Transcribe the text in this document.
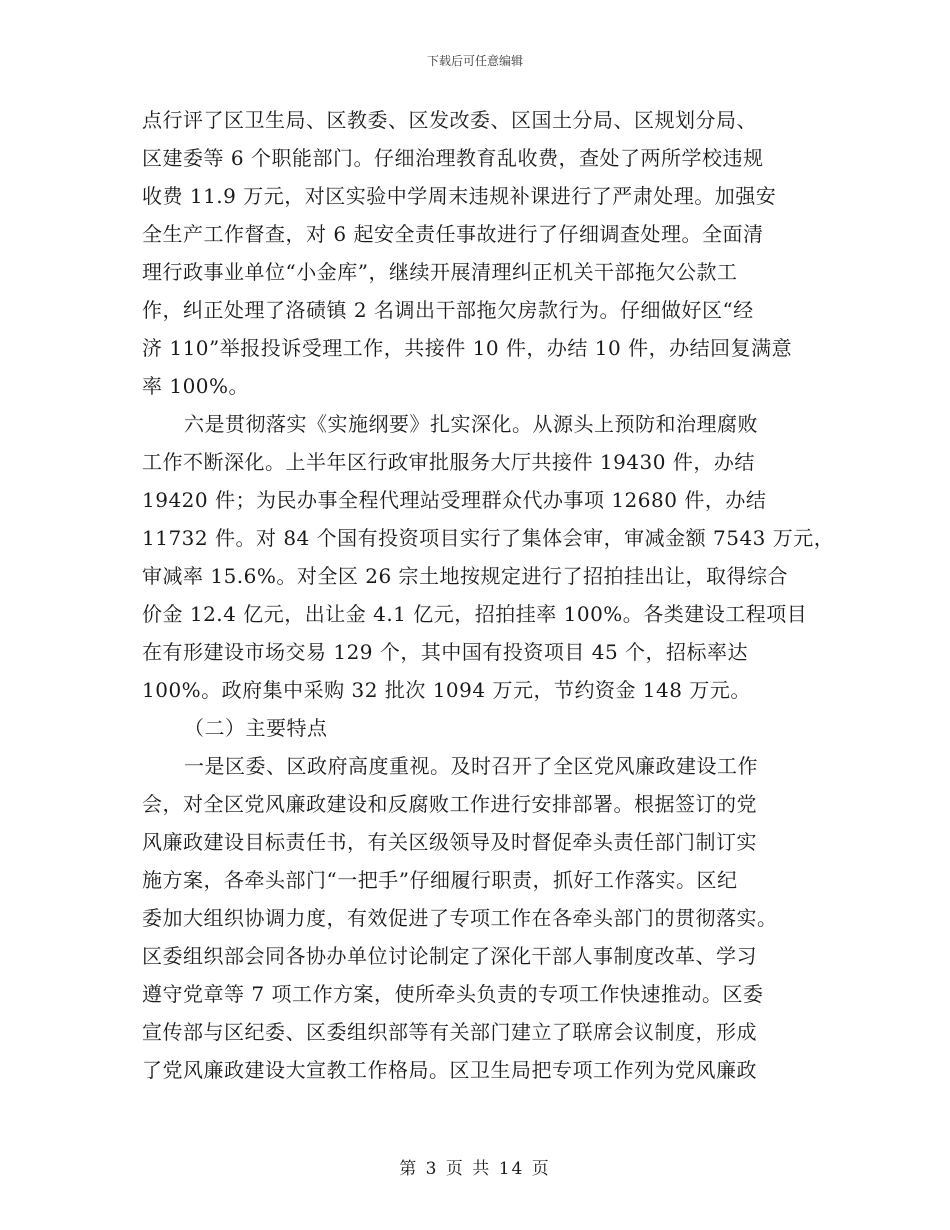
下载后可任意编辑
点行评了区卫生局、区教委、区发改委、区国土分局、区规划分局、
区建委等 6 个职能部门。仔细治理教育乱收费，查处了两所学校违规
收费 11.9 万元，对区实验中学周末违规补课进行了严肃处理。加强安
全生产工作督查，对 6 起安全责任事故进行了仔细调查处理。全面清
理行政事业单位“小金库”，继续开展清理纠正机关干部拖欠公款工
作，纠正处理了洛碛镇 2 名调出干部拖欠房款行为。仔细做好区“经
济 110”举报投诉受理工作，共接件 10 件，办结 10 件，办结回复满意
率 100%。
六是贯彻落实《实施纲要》扎实深化。从源头上预防和治理腐败
工作不断深化。上半年区行政审批服务大厅共接件 19430 件，办结
19420 件；为民办事全程代理站受理群众代办事项 12680 件，办结
11732 件。对 84 个国有投资项目实行了集体会审，审减金额 7543 万元，
审减率 15.6%。对全区 26 宗土地按规定进行了招拍挂出让，取得综合
价金 12.4 亿元，出让金 4.1 亿元，招拍挂率 100%。各类建设工程项目
在有形建设市场交易 129 个，其中国有投资项目 45 个，招标率达
100%。政府集中采购 32 批次 1094 万元，节约资金 148 万元。
（二）主要特点
一是区委、区政府高度重视。及时召开了全区党风廉政建设工作
会，对全区党风廉政建设和反腐败工作进行安排部署。根据签订的党
风廉政建设目标责任书，有关区级领导及时督促牵头责任部门制订实
施方案，各牵头部门“一把手”仔细履行职责，抓好工作落实。区纪
委加大组织协调力度，有效促进了专项工作在各牵头部门的贯彻落实。
区委组织部会同各协办单位讨论制定了深化干部人事制度改革、学习
遵守党章等 7 项工作方案，使所牵头负责的专项工作快速推动。区委
宣传部与区纪委、区委组织部等有关部门建立了联席会议制度，形成
了党风廉政建设大宣教工作格局。区卫生局把专项工作列为党风廉政
第 3 页 共 14 页
